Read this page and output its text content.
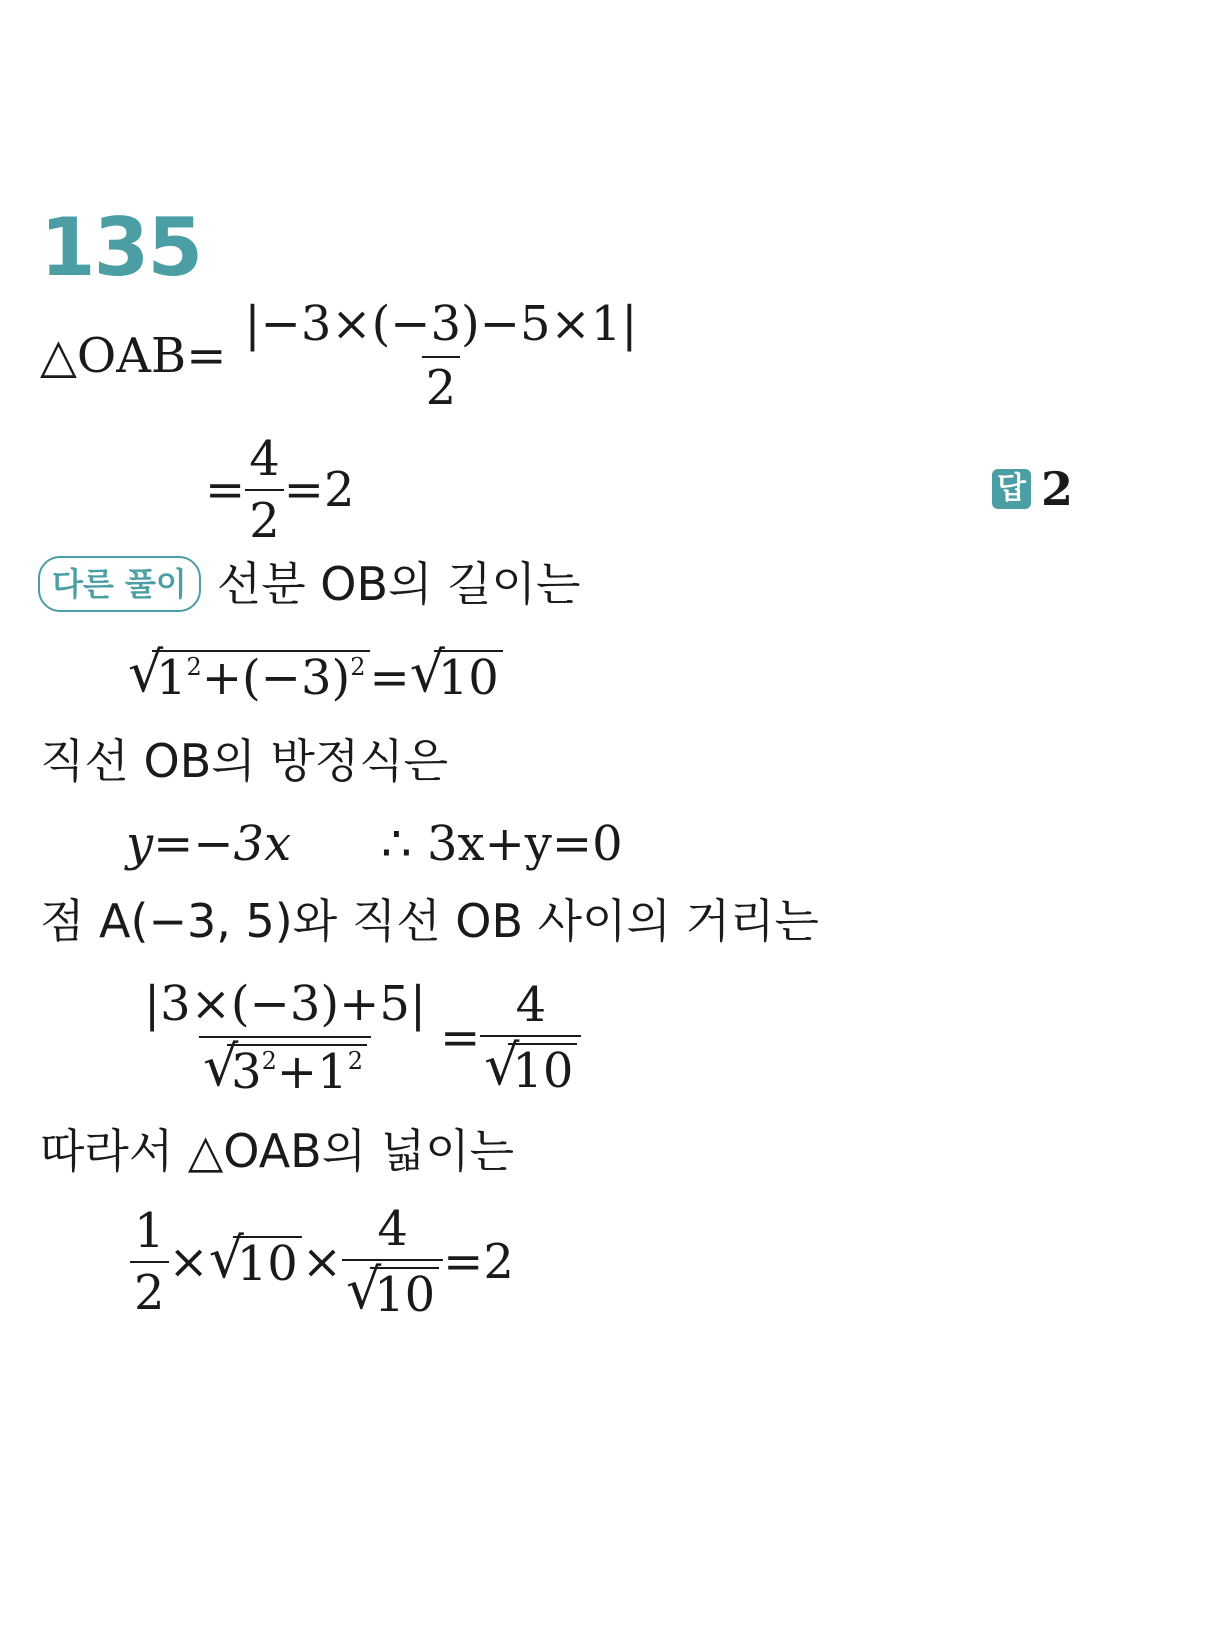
135
△OAB= $\frac{|-3\times(-3)-5\times 1|}{2}$
= $\frac{4}{2} =2$	답 2
다른 풀이 선분 OB의 길이는
√
$1^2+(-3)^2=$ √
10
직선 OB의 방정식은
y=−3x ∴ 3x+y=0
점 A(−3, 5)와 직선 OB 사이의 거리는
|3×(−3)+5|
√
$3^2+1^2 = 4$
√
10
따라서 △OAB의 넓이는
$\frac{1}{2}$ × √
10 × 4
√
10 =2
